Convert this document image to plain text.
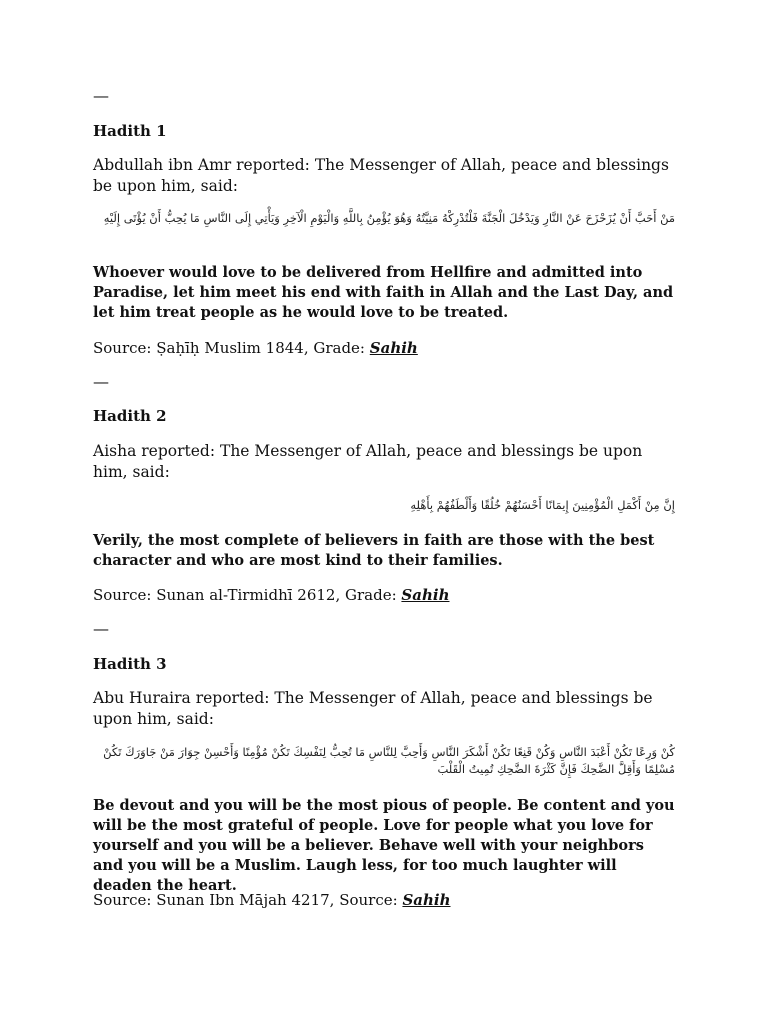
—
Hadith 1
Abdullah ibn Amr reported: The Messenger of Allah, peace and blessings be upon him, said:
مَنْ أَحَبَّ أَنْ يُزَحْزَحَ عَنْ النَّارِ وَيَدْخُلَ الْجَنَّةَ فَلْتُدْرِكْهُ مَنِيَّتُهُ وَهُوَ يُؤْمِنُ بِاللَّهِ وَالْيَوْمِ الْآخِرِ وَيَأْتِي إِلَى النَّاسِ مَا يُحِبُّ أَنْ يُؤْتَى إِلَيْهِ
Whoever would love to be delivered from Hellfire and admitted into Paradise, let him meet his end with faith in Allah and the Last Day, and let him treat people as he would love to be treated.
Source: Ṣaḥīḥ Muslim 1844, Grade: Sahih
—
Hadith 2
Aisha reported: The Messenger of Allah, peace and blessings be upon him, said:
إِنَّ مِنْ أَكْمَلِ الْمُؤْمِنِينَ إِيمَانًا أَحْسَنُهُمْ خُلُقًا وَأَلْطَفُهُمْ بِأَهْلِهِ
Verily, the most complete of believers in faith are those with the best character and who are most kind to their families.
Source: Sunan al-Tirmidhī 2612, Grade: Sahih
—
Hadith 3
Abu Huraira reported: The Messenger of Allah, peace and blessings be upon him, said:
كُنْ وَرِعًا تَكُنْ أَعْبَدَ النَّاسِ وَكُنْ قَنِعًا تَكُنْ أَشْكَرَ النَّاسِ وَأَحِبَّ لِلنَّاسِ مَا تُحِبُّ لِنَفْسِكَ تَكُنْ مُؤْمِنًا وَأَحْسِنْ جِوَارَ مَنْ جَاوَرَكَ تَكُنْ مُسْلِمًا وَأَقِلَّ الضَّحِكَ فَإِنَّ كَثْرَةَ الضَّحِكِ تُمِيتُ الْقَلْبَ
Be devout and you will be the most pious of people. Be content and you will be the most grateful of people. Love for people what you love for yourself and you will be a believer. Behave well with your neighbors and you will be a Muslim. Laugh less, for too much laughter will deaden the heart.
Source: Sunan Ibn Mājah 4217, Source: Sahih
